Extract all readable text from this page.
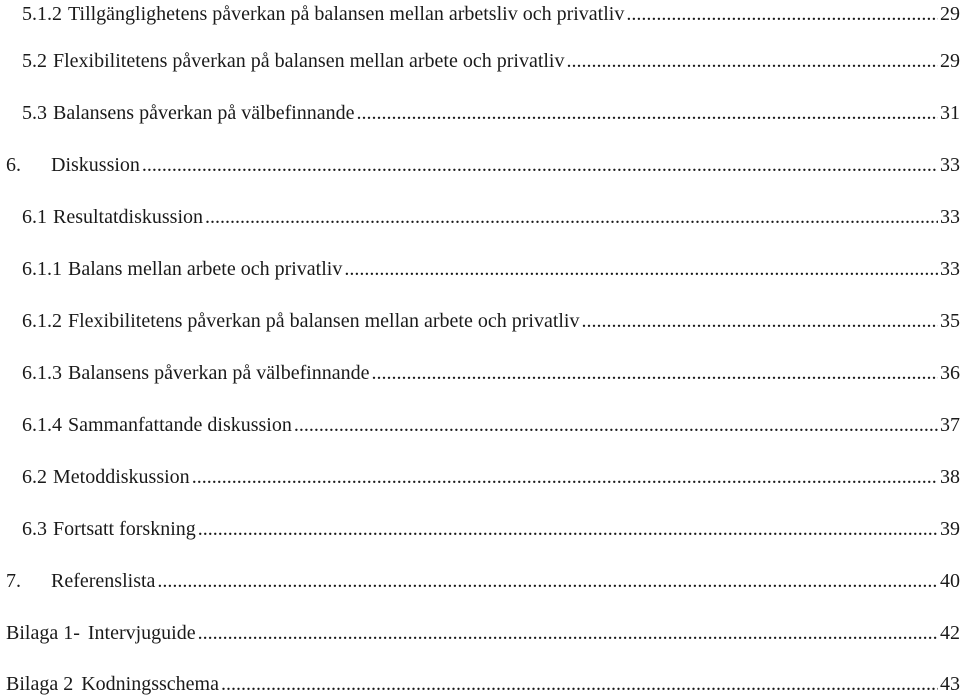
5.1.2 Tillgänglighetens påverkan på balansen mellan arbetsliv och privatliv .....	29
5.2 Flexibilitetens påverkan på balansen mellan arbete och privatliv .....	29
5.3 Balansens påverkan på välbefinnande .....	31
6.	Diskussion .....	33
6.1 Resultatdiskussion .....	33
6.1.1 Balans mellan arbete och privatliv .....	33
6.1.2 Flexibilitetens påverkan på balansen mellan arbete och privatliv .....	35
6.1.3 Balansens påverkan på välbefinnande .....	36
6.1.4 Sammanfattande diskussion .....	37
6.2 Metoddiskussion .....	38
6.3 Fortsatt forskning .....	39
7.	Referenslista .....	40
Bilaga 1- Intervjuguide .....	42
Bilaga 2 Kodningsschema .....	43
